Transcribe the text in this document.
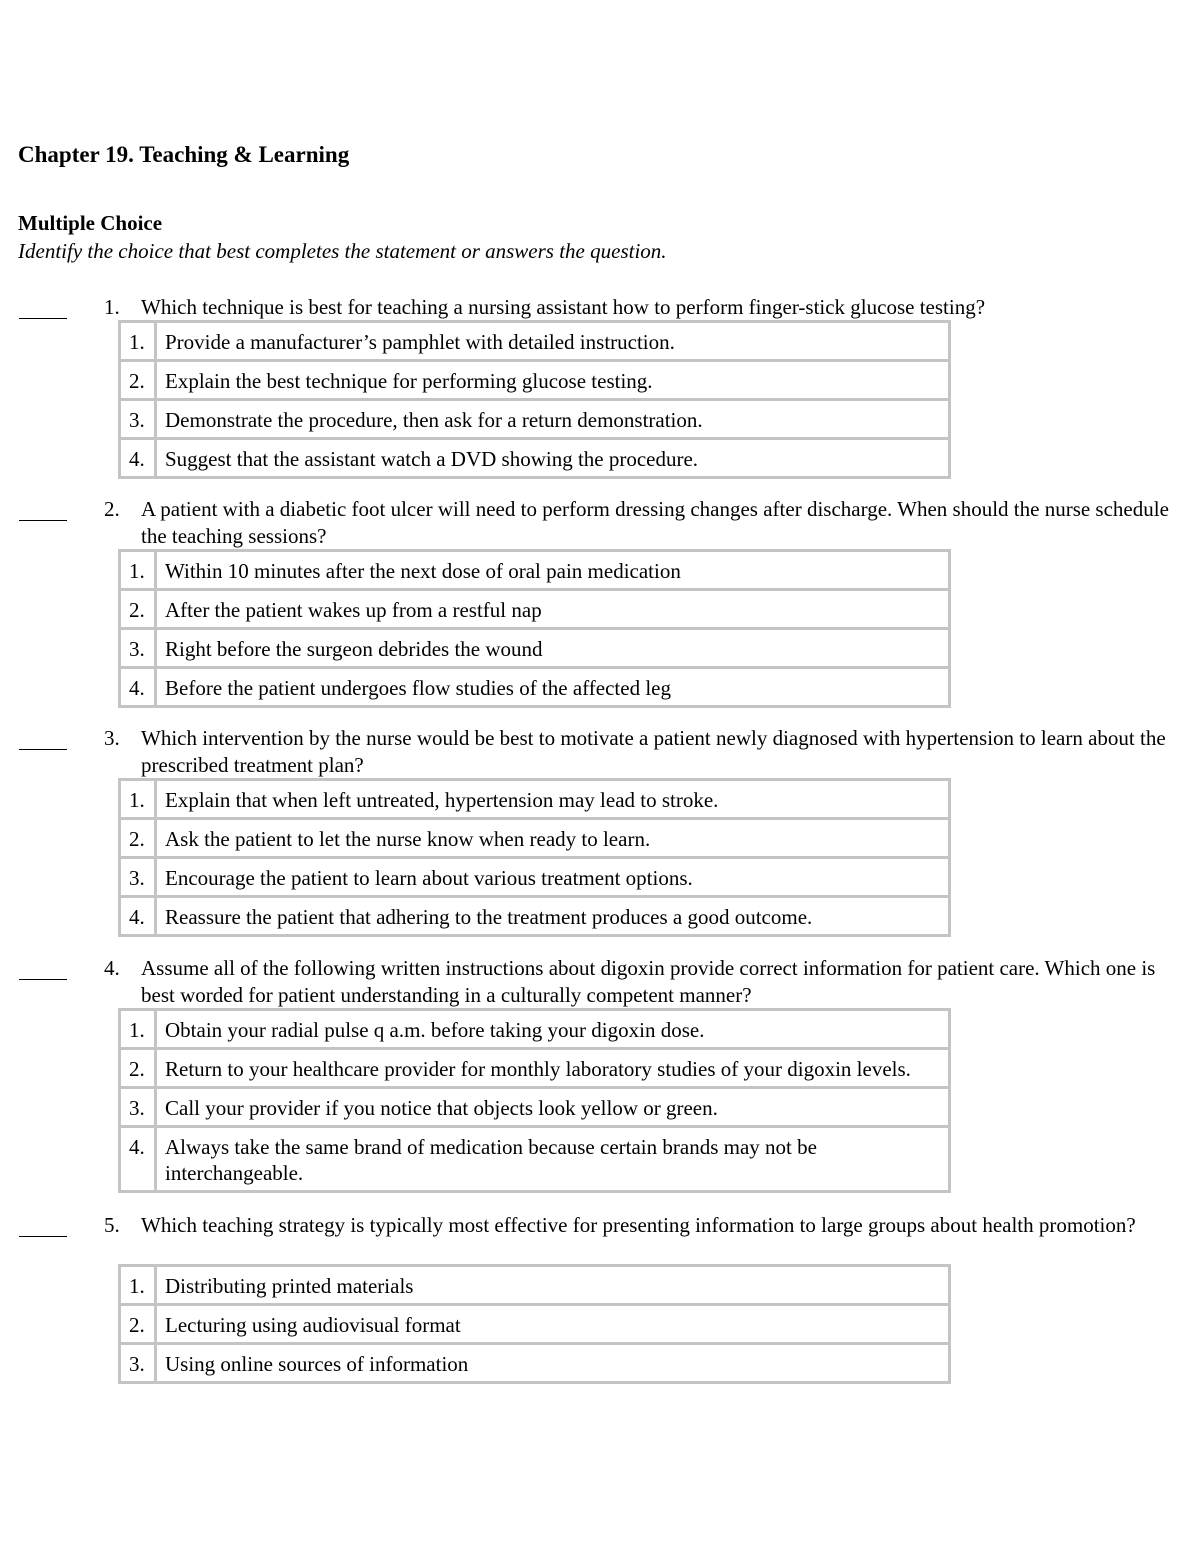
Chapter 19. Teaching & Learning
Multiple Choice

Identify the choice that best completes the statement or answers the question.

1. Which technique is best for teaching a nursing assistant how to perform finger-stick glucose testing?

1.	Provide a manufacturer’s pamphlet with detailed instruction.
2.	Explain the best technique for performing glucose testing.
3.	Demonstrate the procedure, then ask for a return demonstration.
4.	Suggest that the assistant watch a DVD showing the procedure.
2. A patient with a diabetic foot ulcer will need to perform dressing changes after discharge. When should the nurse schedule the teaching sessions?

1.	Within 10 minutes after the next dose of oral pain medication
2.	After the patient wakes up from a restful nap
3.	Right before the surgeon debrides the wound
4.	Before the patient undergoes flow studies of the affected leg
3. Which intervention by the nurse would be best to motivate a patient newly diagnosed with hypertension to learn about the prescribed treatment plan?

1.	Explain that when left untreated, hypertension may lead to stroke.
2.	Ask the patient to let the nurse know when ready to learn.
3.	Encourage the patient to learn about various treatment options.
4.	Reassure the patient that adhering to the treatment produces a good outcome.
4. Assume all of the following written instructions about digoxin provide correct information for patient care. Which one is best worded for patient understanding in a culturally competent manner?

1.	Obtain your radial pulse q a.m. before taking your digoxin dose.
2.	Return to your healthcare provider for monthly laboratory studies of your digoxin levels.
3.	Call your provider if you notice that objects look yellow or green.
4.	Always take the same brand of medication because certain brands may not be interchangeable.
5. Which teaching strategy is typically most effective for presenting information to large groups about health promotion?

1.	Distributing printed materials
2.	Lecturing using audiovisual format
3.	Using online sources of information
